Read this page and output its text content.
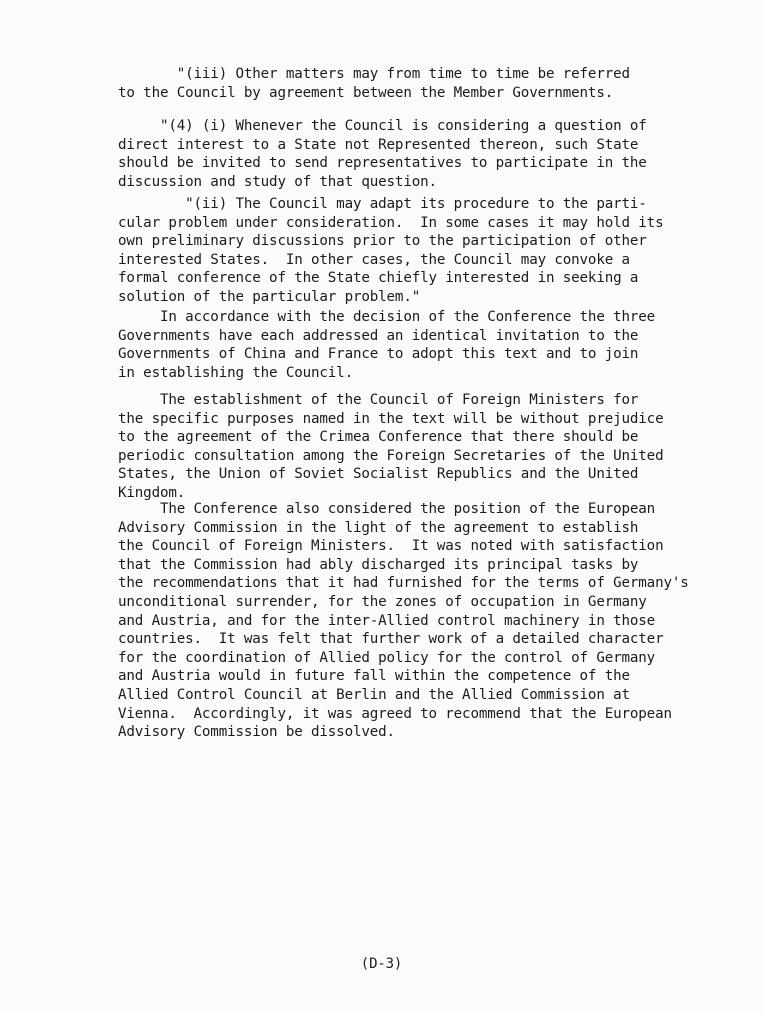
"(iii) Other matters may from time to time be referred
to the Council by agreement between the Member Governments.
"(4) (i) Whenever the Council is considering a question of
direct interest to a State not Represented thereon, such State
should be invited to send representatives to participate in the
discussion and study of that question.
"(ii) The Council may adapt its procedure to the parti-
cular problem under consideration.  In some cases it may hold its
own preliminary discussions prior to the participation of other
interested States.  In other cases, the Council may convoke a
formal conference of the State chiefly interested in seeking a
solution of the particular problem."
In accordance with the decision of the Conference the three
Governments have each addressed an identical invitation to the
Governments of China and France to adopt this text and to join
in establishing the Council.
The establishment of the Council of Foreign Ministers for
the specific purposes named in the text will be without prejudice
to the agreement of the Crimea Conference that there should be
periodic consultation among the Foreign Secretaries of the United
States, the Union of Soviet Socialist Republics and the United
Kingdom.
The Conference also considered the position of the European
Advisory Commission in the light of the agreement to establish
the Council of Foreign Ministers.  It was noted with satisfaction
that the Commission had ably discharged its principal tasks by
the recommendations that it had furnished for the terms of Germany's
unconditional surrender, for the zones of occupation in Germany
and Austria, and for the inter-Allied control machinery in those
countries.  It was felt that further work of a detailed character
for the coordination of Allied policy for the control of Germany
and Austria would in future fall within the competence of the
Allied Control Council at Berlin and the Allied Commission at
Vienna.  Accordingly, it was agreed to recommend that the European
Advisory Commission be dissolved.
(D-3)
